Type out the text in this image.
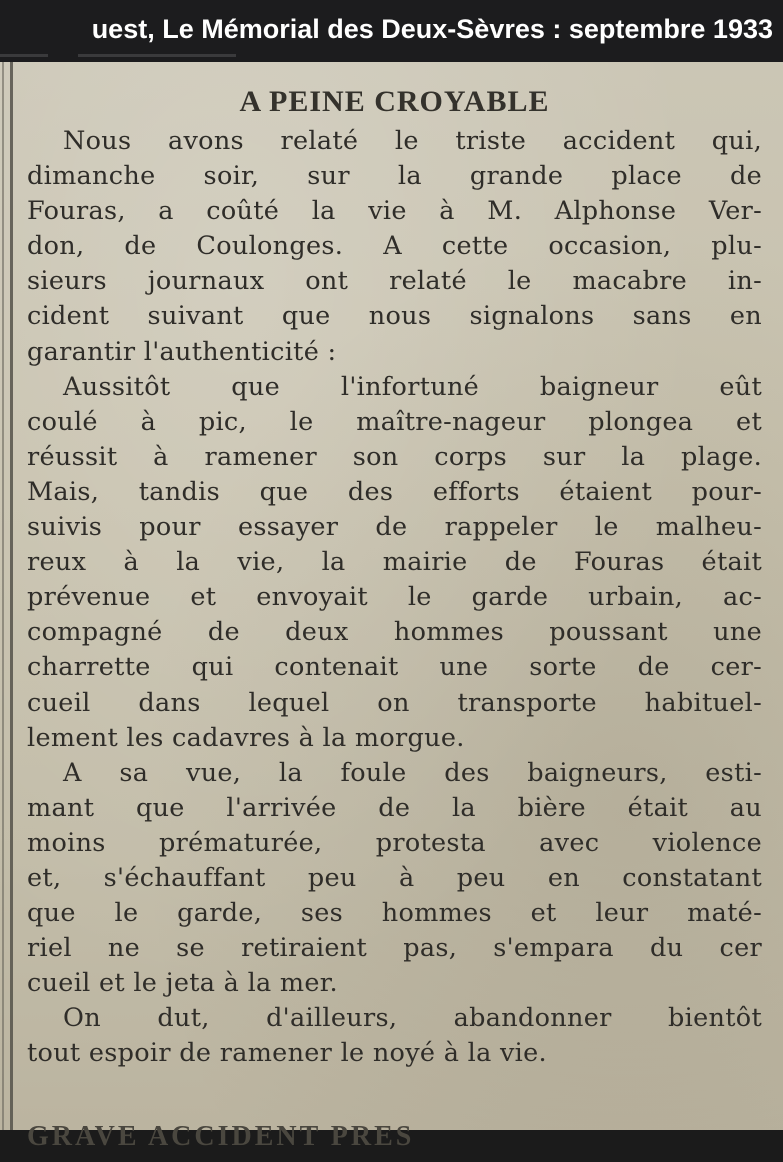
uest, Le Mémorial des Deux-Sèvres : septembre 1933
A PEINE CROYABLE
Nous avons relaté le triste accident qui,
dimanche soir, sur la grande place de
Fouras, a coûté la vie à M. Alphonse Ver-
don, de Coulonges. A cette occasion, plu-
sieurs journaux ont relaté le macabre in-
cident suivant que nous signalons sans en
garantir l'authenticité :
Aussitôt que l'infortuné baigneur eût
coulé à pic, le maître-nageur plongea et
réussit à ramener son corps sur la plage.
Mais, tandis que des efforts étaient pour-
suivis pour essayer de rappeler le malheu-
reux à la vie, la mairie de Fouras était
prévenue et envoyait le garde urbain, ac-
compagné de deux hommes poussant une
charrette qui contenait une sorte de cer-
cueil dans lequel on transporte habituel-
lement les cadavres à la morgue.
A sa vue, la foule des baigneurs, esti-
mant que l'arrivée de la bière était au
moins prématurée, protesta avec violence
et, s'échauffant peu à peu en constatant
que le garde, ses hommes et leur maté-
riel ne se retiraient pas, s'empara du cer
cueil et le jeta à la mer.
On dut, d'ailleurs, abandonner bientôt
tout espoir de ramener le noyé à la vie.
GRAVE ACCIDENT PRES
